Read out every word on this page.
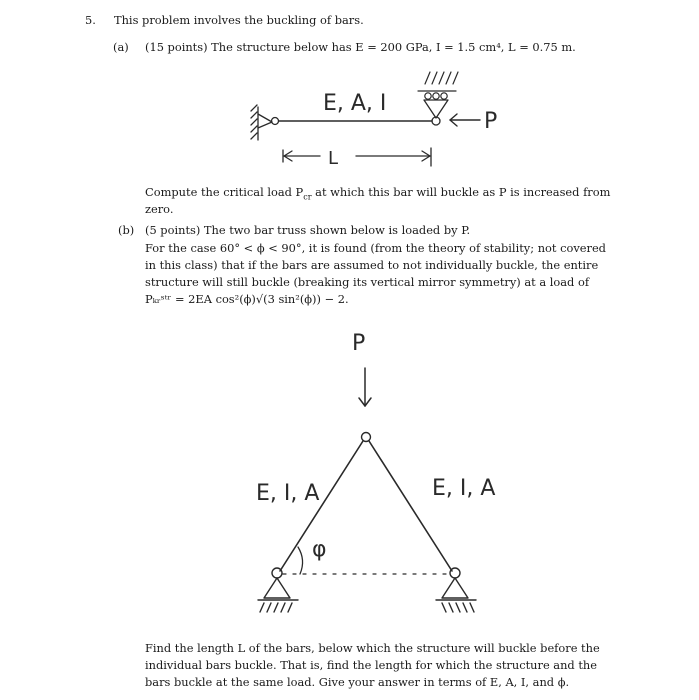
5. This problem involves the buckling of bars.
(a) (15 points) The structure below has E = 200 GPa, I = 1.5 cm⁴, L = 0.75 m.
E, A, I
P
L
Compute the critical load $P_{cr}$ at which this bar will buckle as P is increased from
zero.
(b) (5 points) The two bar truss shown below is loaded by P.
For the case 60° < ϕ < 90°, it is found (from the theory of stability; not covered
in this class) that if the bars are assumed to not individually buckle, the entire
structure will still buckle (breaking its vertical mirror symmetry) at a load of
Pₖᵣˢᵗʳ = 2EA cos²(ϕ)√(3 sin²(ϕ)) − 2.
P
E, I, A	E, I, A
φ
Find the length L of the bars, below which the structure will buckle before the
individual bars buckle. That is, find the length for which the structure and the
bars buckle at the same load. Give your answer in terms of E, A, I, and ϕ.
